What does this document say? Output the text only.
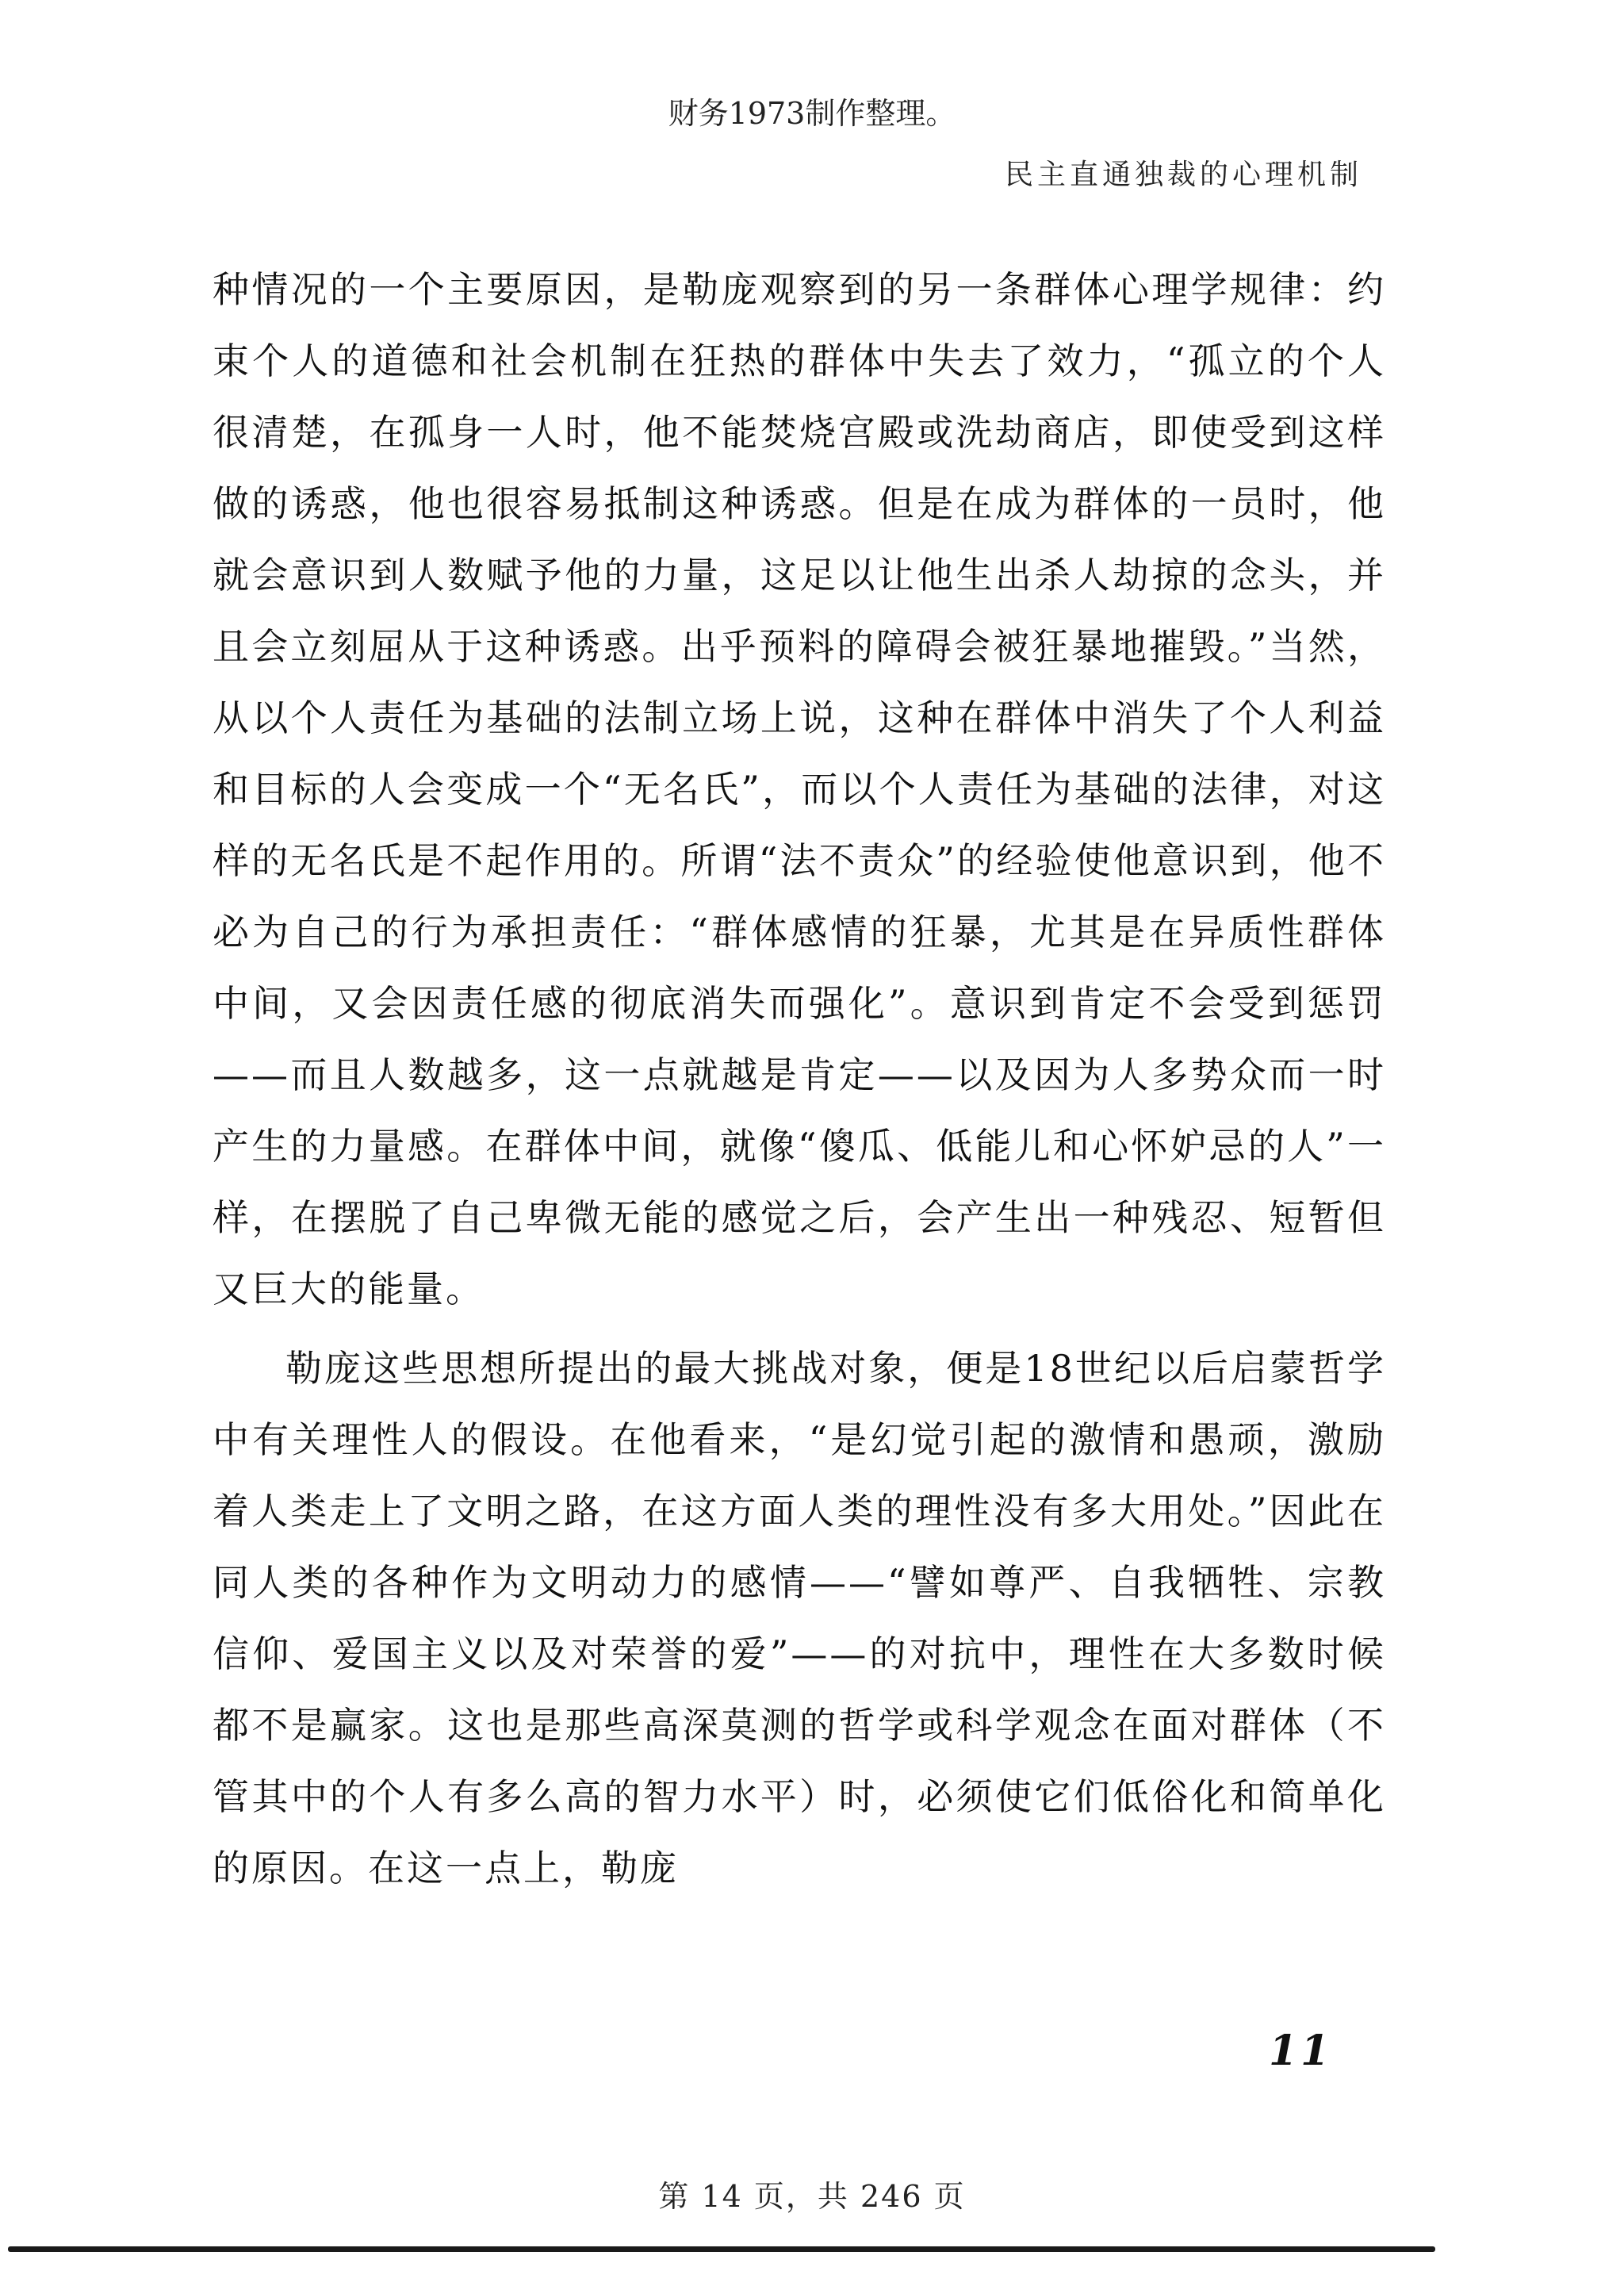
财务1973制作整理。
民主直通独裁的心理机制

种情况的一个主要原因，是勒庞观察到的另一条群体心理学规律：约束个人的道德和社会机制在狂热的群体中失去了效力，“孤立的个人很清楚，在孤身一人时，他不能焚烧宫殿或洗劫商店，即使受到这样做的诱惑，他也很容易抵制这种诱惑。但是在成为群体的一员时，他就会意识到人数赋予他的力量，这足以让他生出杀人劫掠的念头，并且会立刻屈从于这种诱惑。出乎预料的障碍会被狂暴地摧毁。”当然，从以个人责任为基础的法制立场上说，这种在群体中消失了个人利益和目标的人会变成一个“无名氏”，而以个人责任为基础的法律，对这样的无名氏是不起作用的。所谓“法不责众”的经验使他意识到，他不必为自己的行为承担责任：“群体感情的狂暴，尤其是在异质性群体中间，又会因责任感的彻底消失而强化”。意识到肯定不会受到惩罚——而且人数越多，这一点就越是肯定——以及因为人多势众而一时产生的力量感。在群体中间，就像“傻瓜、低能儿和心怀妒忌的人”一样，在摆脱了自己卑微无能的感觉之后，会产生出一种残忍、短暂但又巨大的能量。

勒庞这些思想所提出的最大挑战对象，便是18世纪以后启蒙哲学中有关理性人的假设。在他看来，“是幻觉引起的激情和愚顽，激励着人类走上了文明之路，在这方面人类的理性没有多大用处。”因此在同人类的各种作为文明动力的感情——“譬如尊严、自我牺牲、宗教信仰、爱国主义以及对荣誉的爱”——的对抗中，理性在大多数时候都不是赢家。这也是那些高深莫测的哲学或科学观念在面对群体（不管其中的个人有多么高的智力水平）时，必须使它们低俗化和简单化的原因。在这一点上，勒庞

11
第 14 页，共 246 页
